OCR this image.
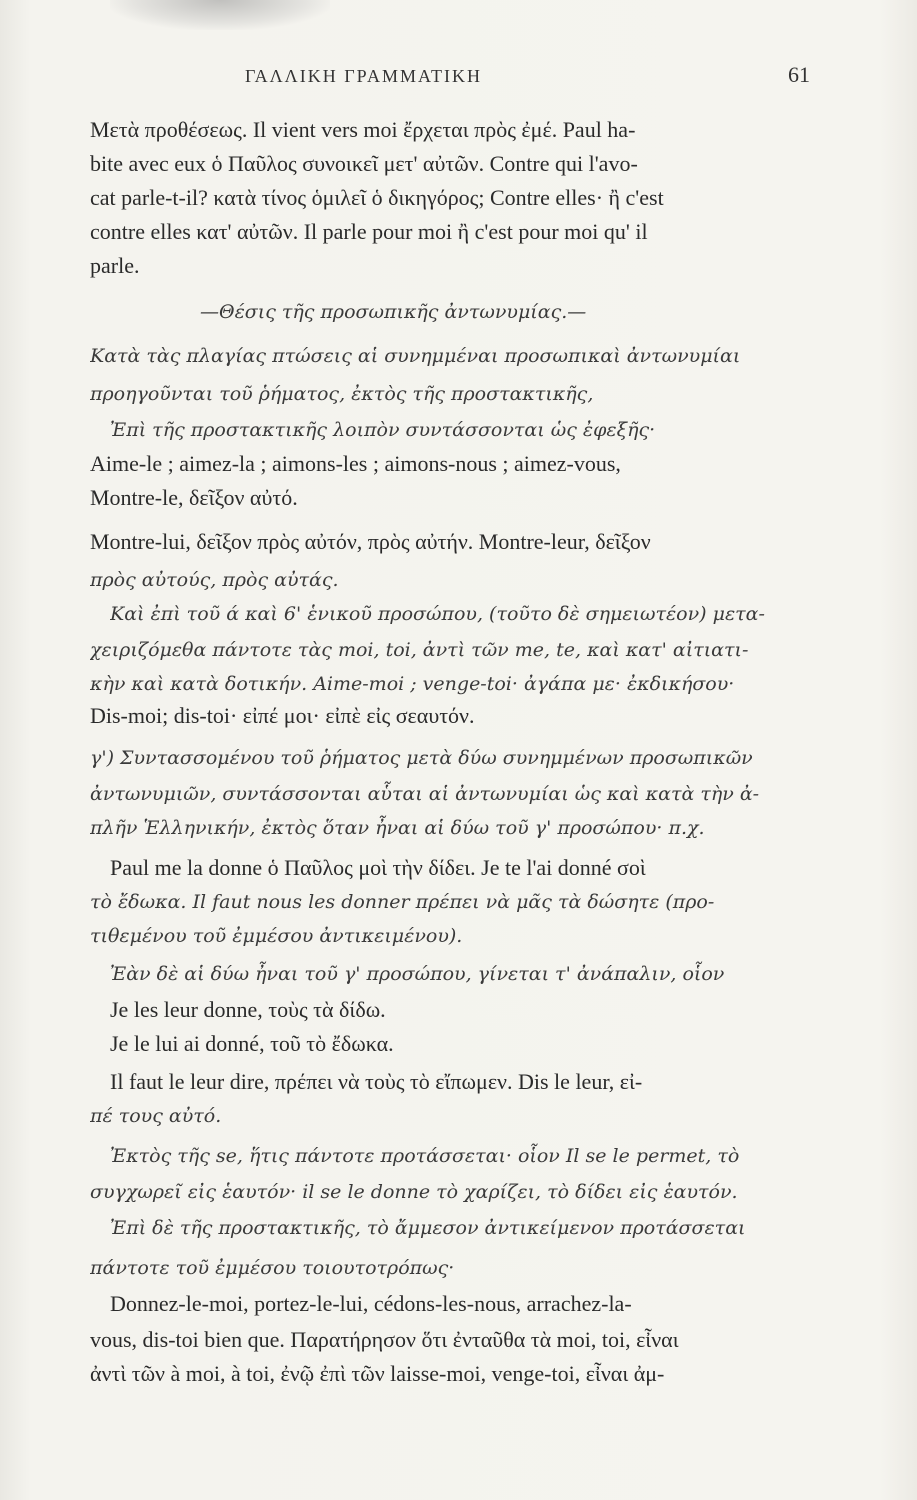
ΓΑΛΛΙΚΗ ΓΡΑΜΜΑΤΙΚΗ	61
Μετὰ προθέσεως. Il vient vers moi ἔρχεται πρὸς ἐμέ. Paul ha-
bite avec eux ὁ Παῦλος συνοικεῖ μετ' αὐτῶν. Contre qui l'avo-
cat parle-t-il? κατὰ τίνος ὁμιλεῖ ὁ δικηγόρος; Contre elles· ἢ c'est
contre elles κατ' αὐτῶν. Il parle pour moi ἢ c'est pour moi qu' il
parle.
—Θέσις τῆς προσωπικῆς ἀντωνυμίας.—
Κατὰ τὰς πλαγίας πτώσεις αἱ συνημμέναι προσωπικαὶ ἀντωνυμίαι
προηγοῦνται τοῦ ῥήματος, ἐκτὸς τῆς προστακτικῆς,
Ἐπὶ τῆς προστακτικῆς λοιπὸν συντάσσονται ὡς ἐφεξῆς·
Aime-le ; aimez-la ; aimons-les ; aimons-nous ; aimez-vous,
Montre-le, δεῖξον αὐτό.
Montre-lui, δεῖξον πρὸς αὐτόν, πρὸς αὐτήν. Montre-leur, δεῖξον
πρὸς αὐτούς, πρὸς αὐτάς.
Καὶ ἐπὶ τοῦ ά καὶ 6' ἑνικοῦ προσώπου, (τοῦτο δὲ σημειωτέον) μετα-
χειριζόμεθα πάντοτε τὰς moi, toi, ἀντὶ τῶν me, te, καὶ κατ' αἰτιατι-
κὴν καὶ κατὰ δοτικήν. Aime-moi ; venge-toi· ἀγάπα με· ἐκδικήσου·
Dis-moi; dis-toi· εἰπέ μοι· εἰπὲ εἰς σεαυτόν.
γ') Συντασσομένου τοῦ ῥήματος μετὰ δύω συνημμένων προσωπικῶν
ἀντωνυμιῶν, συντάσσονται αὗται αἱ ἀντωνυμίαι ὡς καὶ κατὰ τὴν ἀ-
πλῆν Ἑλληνικήν, ἐκτὸς ὅταν ἦναι αἱ δύω τοῦ γ' προσώπου· π.χ.
Paul me la donne ὁ Παῦλος μοὶ τὴν δίδει. Je te l'ai donné σοὶ
τὸ ἔδωκα. Il faut nous les donner πρέπει νὰ μᾶς τὰ δώσητε (προ-
τιθεμένου τοῦ ἐμμέσου ἀντικειμένου).
Ἐὰν δὲ αἱ δύω ἦναι τοῦ γ' προσώπου, γίνεται τ' ἀνάπαλιν, οἷον
Je les leur donne, τοὺς τὰ δίδω.
Je le lui ai donné, τοῦ τὸ ἔδωκα.
Il faut le leur dire, πρέπει νὰ τοὺς τὸ εἴπωμεν. Dis le leur, εἰ-
πέ τους αὐτό.
Ἐκτὸς τῆς se, ἥτις πάντοτε προτάσσεται· οἷον Il se le permet, τὸ
συγχωρεῖ εἰς ἑαυτόν· il se le donne τὸ χαρίζει, τὸ δίδει εἰς ἑαυτόν.
Ἐπὶ δὲ τῆς προστακτικῆς, τὸ ἄμμεσον ἀντικείμενον προτάσσεται
πάντοτε τοῦ ἐμμέσου τοιουτοτρόπως·
Donnez-le-moi, portez-le-lui, cédons-les-nous, arrachez-la-
vous, dis-toi bien que. Παρατήρησον ὅτι ἐνταῦθα τὰ moi, toi, εἶναι
ἀντὶ τῶν à moi, à toi, ἐνῷ ἐπὶ τῶν laisse-moi, venge-toi, εἶναι ἀμ-
